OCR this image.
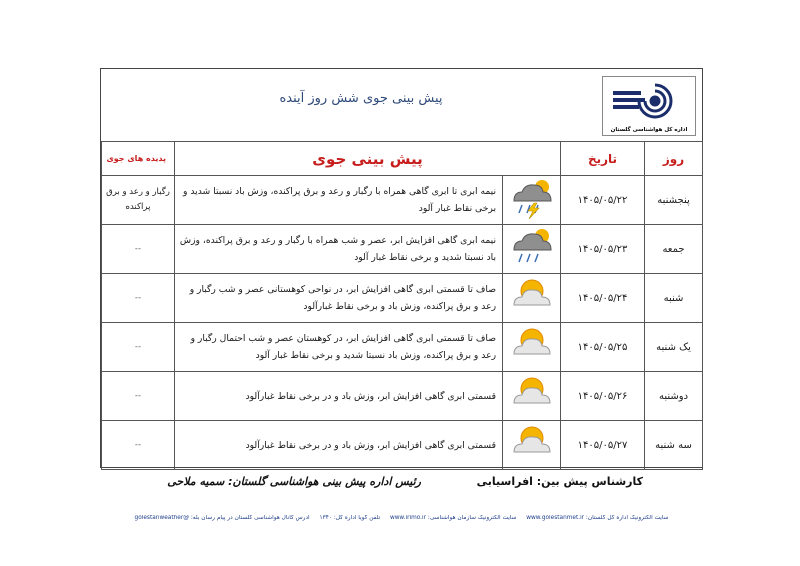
پیش بینی جوی شش روز آینده
اداره کل هواشناسی گلستان
روز	تاریخ	پیش بینی جوی		پدیده های جوی
پنجشنبه	۱۴۰۵/۰۵/۲۲		نیمه ابری تا ابری گاهی همراه با رگبار و رعد و برق پراکنده، وزش باد نسبتا شدید و برخی نقاط غبار آلود	رگبار و رعد و برق پراکنده
جمعه	۱۴۰۵/۰۵/۲۳		نیمه ابری گاهی افزایش ابر، عصر و شب همراه با رگبار و رعد و برق پراکنده، وزش باد نسبتا شدید و برخی نقاط غبار آلود	--
شنبه	۱۴۰۵/۰۵/۲۴		صاف تا قسمتی ابری گاهی افزایش ابر، در نواحی کوهستانی عصر و شب رگبار و رعد و برق پراکنده، وزش باد و برخی نقاط غبارآلود	--
یک شنبه	۱۴۰۵/۰۵/۲۵		صاف تا قسمتی ابری گاهی افزایش ابر، در کوهستان عصر و شب احتمال رگبار و رعد و برق پراکنده، وزش باد نسبتا شدید و برخی نقاط غبار آلود	--
دوشنبه	۱۴۰۵/۰۵/۲۶		قسمتی ابری گاهی افزایش ابر، وزش باد و در برخی نقاط غبارآلود	--
سه شنبه	۱۴۰۵/۰۵/۲۷		قسمتی ابری گاهی افزایش ابر، وزش باد و در برخی نقاط غبارآلود	--
کارشناس پیش بین: افراسیابی
رئیس اداره پیش بینی هواشناسی گلستان: سمیه ملاحی
سایت الکترونیک اداره کل گلستان: www.golestanmet.ir سایت الکترونیک سازمان هواشناسی: www.irimo.ir تلفن گویا اداره کل: ۱۳۴۰ آدرس کانال هواشناسی گلستان در پیام رسان بله: @golestanweather
